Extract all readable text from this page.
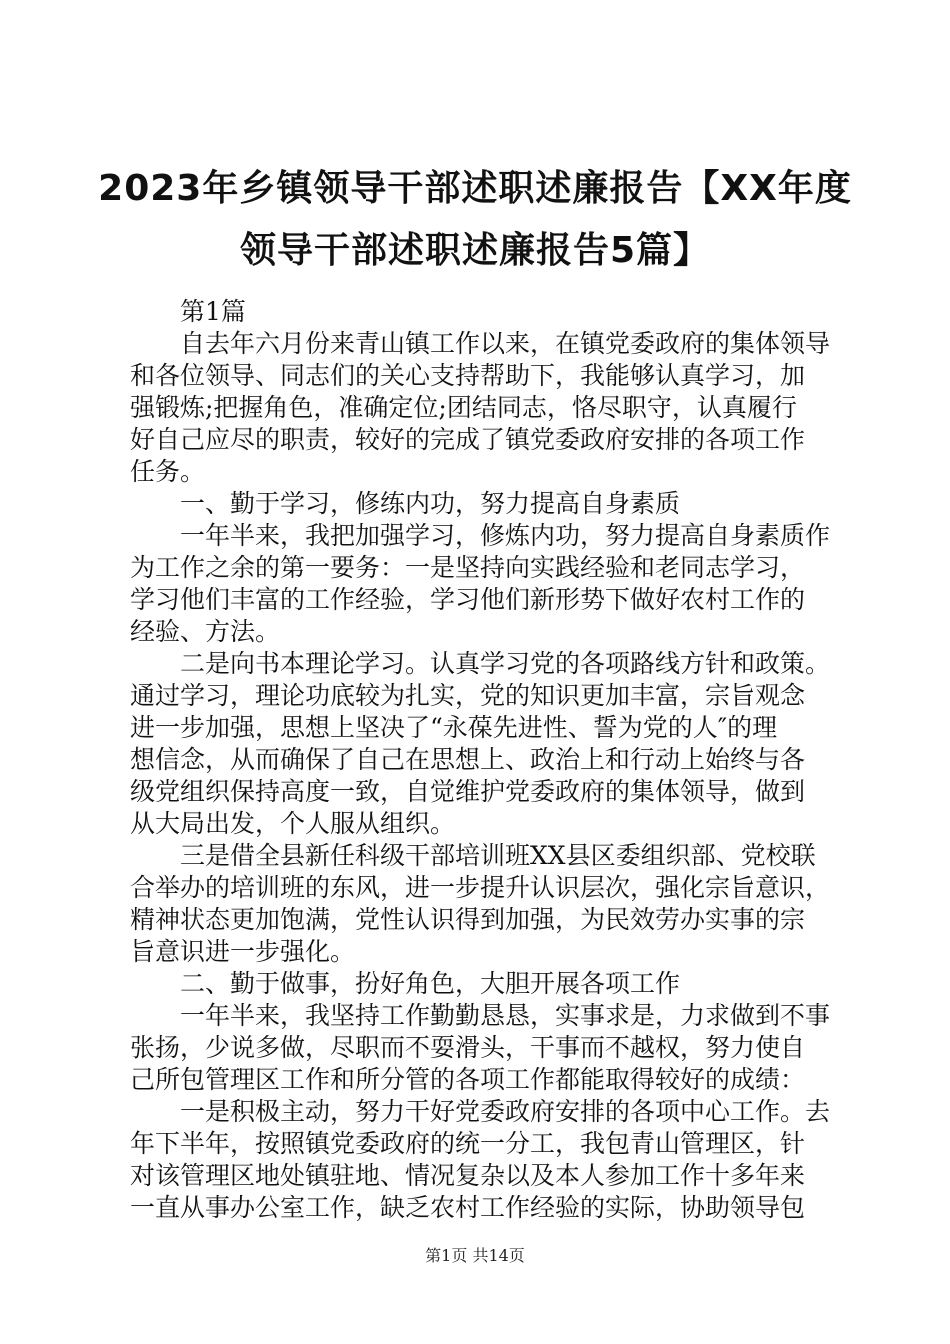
2023年乡镇领导干部述职述廉报告【XX年度
领导干部述职述廉报告5篇】
第1篇
自去年六月份来青山镇工作以来，在镇党委政府的集体领导
和各位领导、同志们的关心支持帮助下，我能够认真学习，加
强锻炼;把握角色，准确定位;团结同志，恪尽职守，认真履行
好自己应尽的职责，较好的完成了镇党委政府安排的各项工作
任务。
一、勤于学习，修练内功，努力提高自身素质
一年半来，我把加强学习，修炼内功，努力提高自身素质作
为工作之余的第一要务：一是坚持向实践经验和老同志学习，
学习他们丰富的工作经验，学习他们新形势下做好农村工作的
经验、方法。
二是向书本理论学习。认真学习党的各项路线方针和政策。
通过学习，理论功底较为扎实，党的知识更加丰富，宗旨观念
进一步加强，思想上坚决了“永葆先进性、誓为党的人″的理
想信念，从而确保了自己在思想上、政治上和行动上始终与各
级党组织保持高度一致，自觉维护党委政府的集体领导，做到
从大局出发，个人服从组织。
三是借全县新任科级干部培训班XX县区委组织部、党校联
合举办的培训班的东风，进一步提升认识层次，强化宗旨意识，
精神状态更加饱满，党性认识得到加强，为民效劳办实事的宗
旨意识进一步强化。
二、勤于做事，扮好角色，大胆开展各项工作
一年半来，我坚持工作勤勤恳恳，实事求是，力求做到不事
张扬，少说多做，尽职而不耍滑头，干事而不越权，努力使自
己所包管理区工作和所分管的各项工作都能取得较好的成绩：
一是积极主动，努力干好党委政府安排的各项中心工作。去
年下半年，按照镇党委政府的统一分工，我包青山管理区，针
对该管理区地处镇驻地、情况复杂以及本人参加工作十多年来
一直从事办公室工作，缺乏农村工作经验的实际，协助领导包
第1页 共14页
